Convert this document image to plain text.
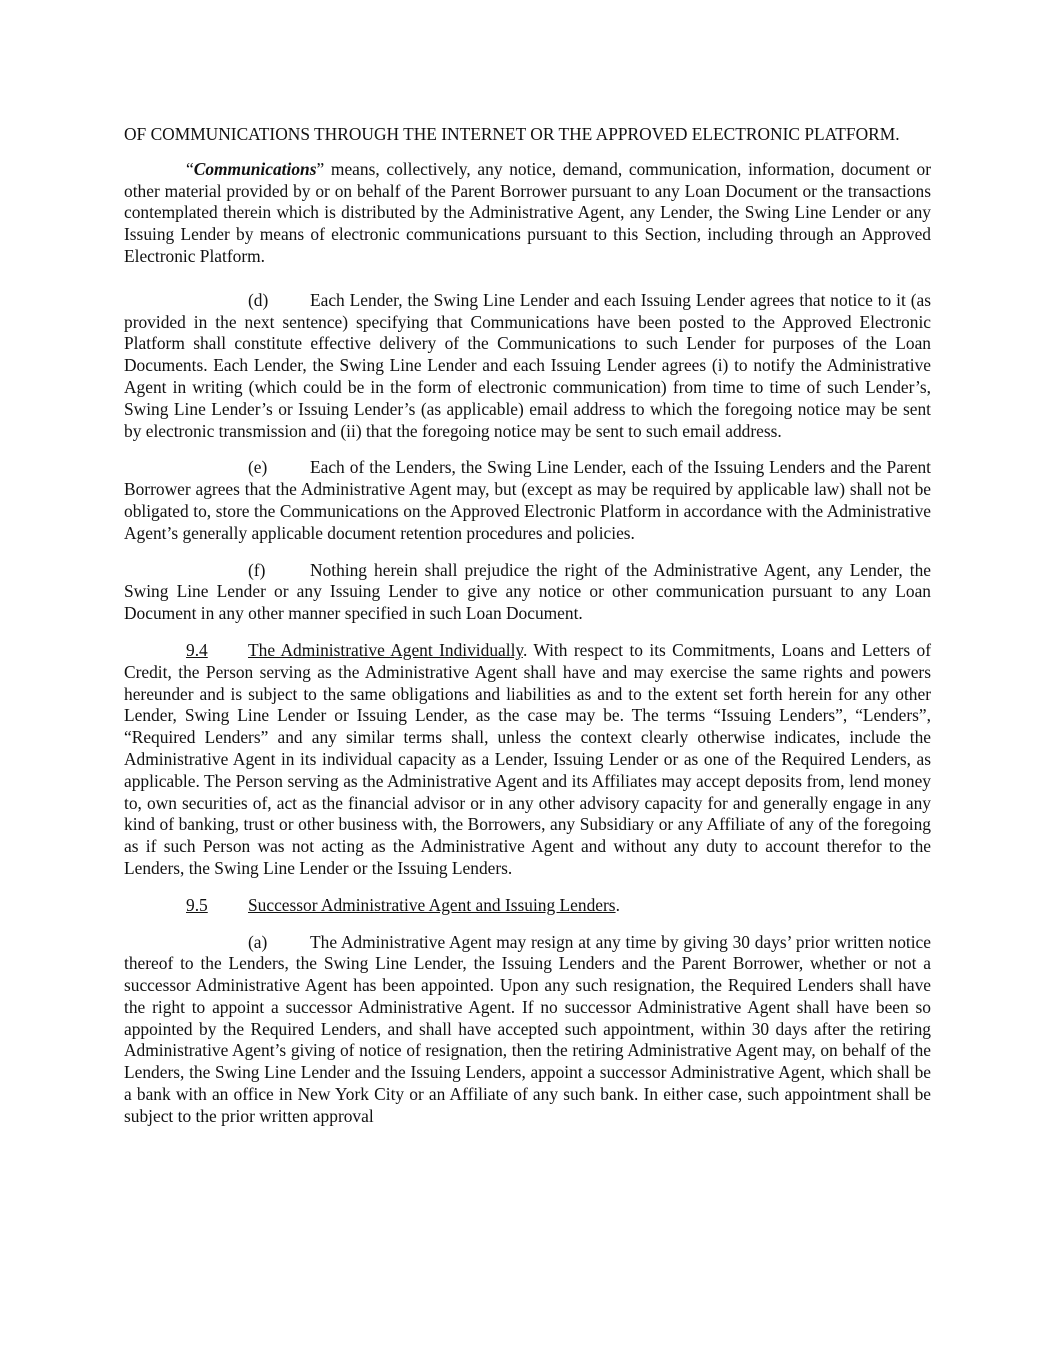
OF COMMUNICATIONS THROUGH THE INTERNET OR THE APPROVED ELECTRONIC PLATFORM.

“Communications” means, collectively, any notice, demand, communication, information, document or other material provided by or on behalf of the Parent Borrower pursuant to any Loan Document or the transactions contemplated therein which is distributed by the Administrative Agent, any Lender, the Swing Line Lender or any Issuing Lender by means of electronic communications pursuant to this Section, including through an Approved Electronic Platform.

(d) Each Lender, the Swing Line Lender and each Issuing Lender agrees that notice to it (as provided in the next sentence) specifying that Communications have been posted to the Approved Electronic Platform shall constitute effective delivery of the Communications to such Lender for purposes of the Loan Documents. Each Lender, the Swing Line Lender and each Issuing Lender agrees (i) to notify the Administrative Agent in writing (which could be in the form of electronic communication) from time to time of such Lender’s, Swing Line Lender’s or Issuing Lender’s (as applicable) email address to which the foregoing notice may be sent by electronic transmission and (ii) that the foregoing notice may be sent to such email address.

(e) Each of the Lenders, the Swing Line Lender, each of the Issuing Lenders and the Parent Borrower agrees that the Administrative Agent may, but (except as may be required by applicable law) shall not be obligated to, store the Communications on the Approved Electronic Platform in accordance with the Administrative Agent’s generally applicable document retention procedures and policies.

(f)	Nothing herein shall prejudice the right of the Administrative Agent, any Lender, the Swing Line Lender or any Issuing Lender to give any notice or other communication pursuant to any Loan Document in any other manner specified in such Loan Document.

9.4 The Administrative Agent Individually. With respect to its Commitments, Loans and Letters of Credit, the Person serving as the Administrative Agent shall have and may exercise the same rights and powers hereunder and is subject to the same obligations and liabilities as and to the extent set forth herein for any other Lender, Swing Line Lender or Issuing Lender, as the case may be. The terms “Issuing Lenders”, “Lenders”, “Required Lenders” and any similar terms shall, unless the context clearly otherwise indicates, include the Administrative Agent in its individual capacity as a Lender, Issuing Lender or as one of the Required Lenders, as applicable. The Person serving as the Administrative Agent and its Affiliates may accept deposits from, lend money to, own securities of, act as the financial advisor or in any other advisory capacity for and generally engage in any kind of banking, trust or other business with, the Borrowers, any Subsidiary or any Affiliate of any of the foregoing as if such Person was not acting as the Administrative Agent and without any duty to account therefor to the Lenders, the Swing Line Lender or the Issuing Lenders.

9.5 Successor Administrative Agent and Issuing Lenders.

(a) The Administrative Agent may resign at any time by giving 30 days’ prior written notice thereof to the Lenders, the Swing Line Lender, the Issuing Lenders and the Parent Borrower, whether or not a successor Administrative Agent has been appointed. Upon any such resignation, the Required Lenders shall have the right to appoint a successor Administrative Agent. If no successor Administrative Agent shall have been so appointed by the Required Lenders, and shall have accepted such appointment, within 30 days after the retiring Administrative Agent’s giving of notice of resignation, then the retiring Administrative Agent may, on behalf of the Lenders, the Swing Line Lender and the Issuing Lenders, appoint a successor Administrative Agent, which shall be a bank with an office in New York City or an Affiliate of any such bank. In either case, such appointment shall be subject to the prior written approval
